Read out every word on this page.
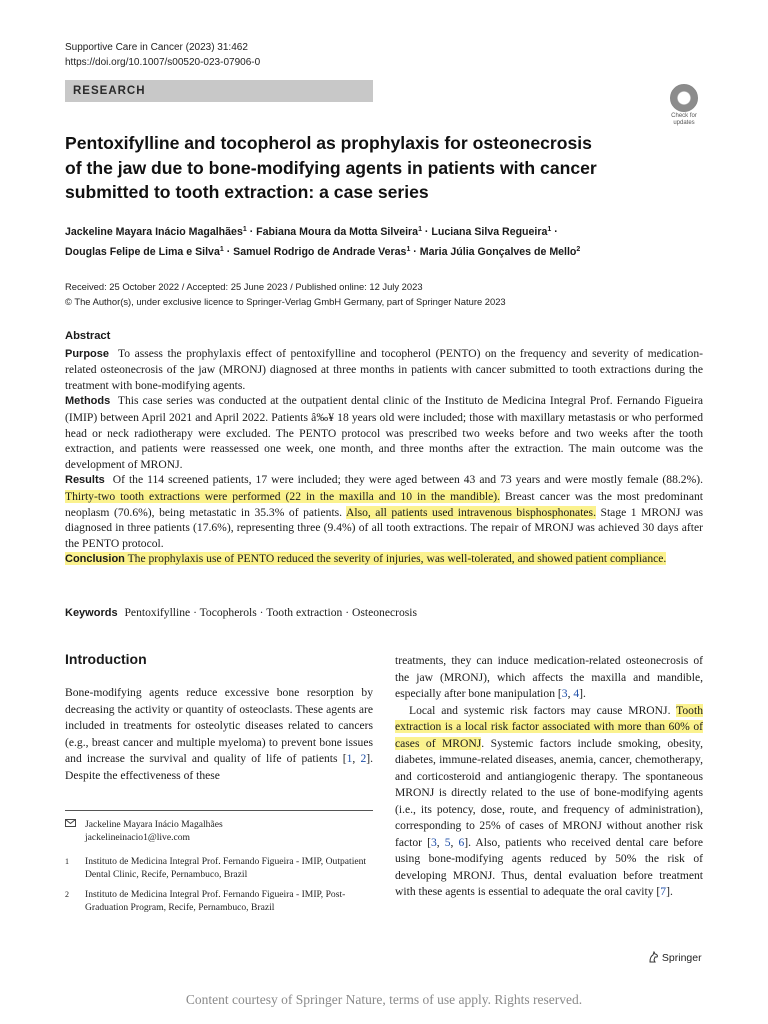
Supportive Care in Cancer (2023) 31:462
https://doi.org/10.1007/s00520-023-07906-0
RESEARCH
Check for updates
Pentoxifylline and tocopherol as prophylaxis for osteonecrosis
of the jaw due to bone-modifying agents in patients with cancer
submitted to tooth extraction: a case series
Jackeline Mayara Inácio Magalhães$^1$ · Fabiana Moura da Motta Silveira$^1$ · Luciana Silva Regueira$^1$ ·
Douglas Felipe de Lima e Silva$^1$ · Samuel Rodrigo de Andrade Veras$^1$ · Maria Júlia Gonçalves de Mello$^2$
Received: 25 October 2022 / Accepted: 25 June 2023 / Published online: 12 July 2023
© The Author(s), under exclusive licence to Springer-Verlag GmbH Germany, part of Springer Nature 2023
Abstract

Purpose To assess the prophylaxis effect of pentoxifylline and tocopherol (PENTO) on the frequency and severity of medication-related osteonecrosis of the jaw (MRONJ) diagnosed at three months in patients with cancer submitted to tooth extractions during the treatment with bone-modifying agents.

Methods This case series was conducted at the outpatient dental clinic of the Instituto de Medicina Integral Prof. Fernando Figueira (IMIP) between April 2021 and April 2022. Patients â‰¥ 18 years old were included; those with maxillary metastasis or who performed head or neck radiotherapy were excluded. The PENTO protocol was prescribed two weeks before and two weeks after the tooth extraction, and patients were reassessed one week, one month, and three months after the extraction. The main outcome was the development of MRONJ.

Results Of the 114 screened patients, 17 were included; they were aged between 43 and 73 years and were mostly female (88.2%). Thirty-two tooth extractions were performed (22 in the maxilla and 10 in the mandible). Breast cancer was the most predominant neoplasm (70.6%), being metastatic in 35.3% of patients. Also, all patients used intravenous bisphosphonates. Stage 1 MRONJ was diagnosed in three patients (17.6%), representing three (9.4%) of all tooth extractions. The repair of MRONJ was achieved 30 days after the PENTO protocol.

Conclusion The prophylaxis use of PENTO reduced the severity of injuries, was well-tolerated, and showed patient compliance.

Keywords Pentoxifylline · Tocopherols · Tooth extraction · Osteonecrosis
Introduction

Bone-modifying agents reduce excessive bone resorption by decreasing the activity or quantity of osteoclasts. These agents are included in treatments for osteolytic diseases related to cancers (e.g., breast cancer and multiple myeloma) to prevent bone issues and increase the survival and quality of life of patients [1, 2]. Despite the effectiveness of these

treatments, they can induce medication-related osteonecrosis of the jaw (MRONJ), which affects the maxilla and mandible, especially after bone manipulation [3, 4].

Local and systemic risk factors may cause MRONJ. Tooth extraction is a local risk factor associated with more than 60% of cases of MRONJ. Systemic factors include smoking, obesity, diabetes, immune-related diseases, anemia, cancer, chemotherapy, and corticosteroid and antiangiogenic therapy. The spontaneous MRONJ is directly related to the use of bone-modifying agents (i.e., its potency, dose, route, and frequency of administration), corresponding to 25% of cases of MRONJ without another risk factor [3, 5, 6]. Also, patients who received dental care before using bone-modifying agents reduced by 50% the risk of developing MRONJ. Thus, dental evaluation before treatment with these agents is essential to adequate the oral cavity [7].

Jackeline Mayara Inácio Magalhães
jackelineinacio1@live.com
1 Instituto de Medicina Integral Prof. Fernando Figueira - IMIP, Outpatient Dental Clinic, Recife, Pernambuco, Brazil
2 Instituto de Medicina Integral Prof. Fernando Figueira - IMIP, Post-Graduation Program, Recife, Pernambuco, Brazil
Springer
Content courtesy of Springer Nature, terms of use apply. Rights reserved.
